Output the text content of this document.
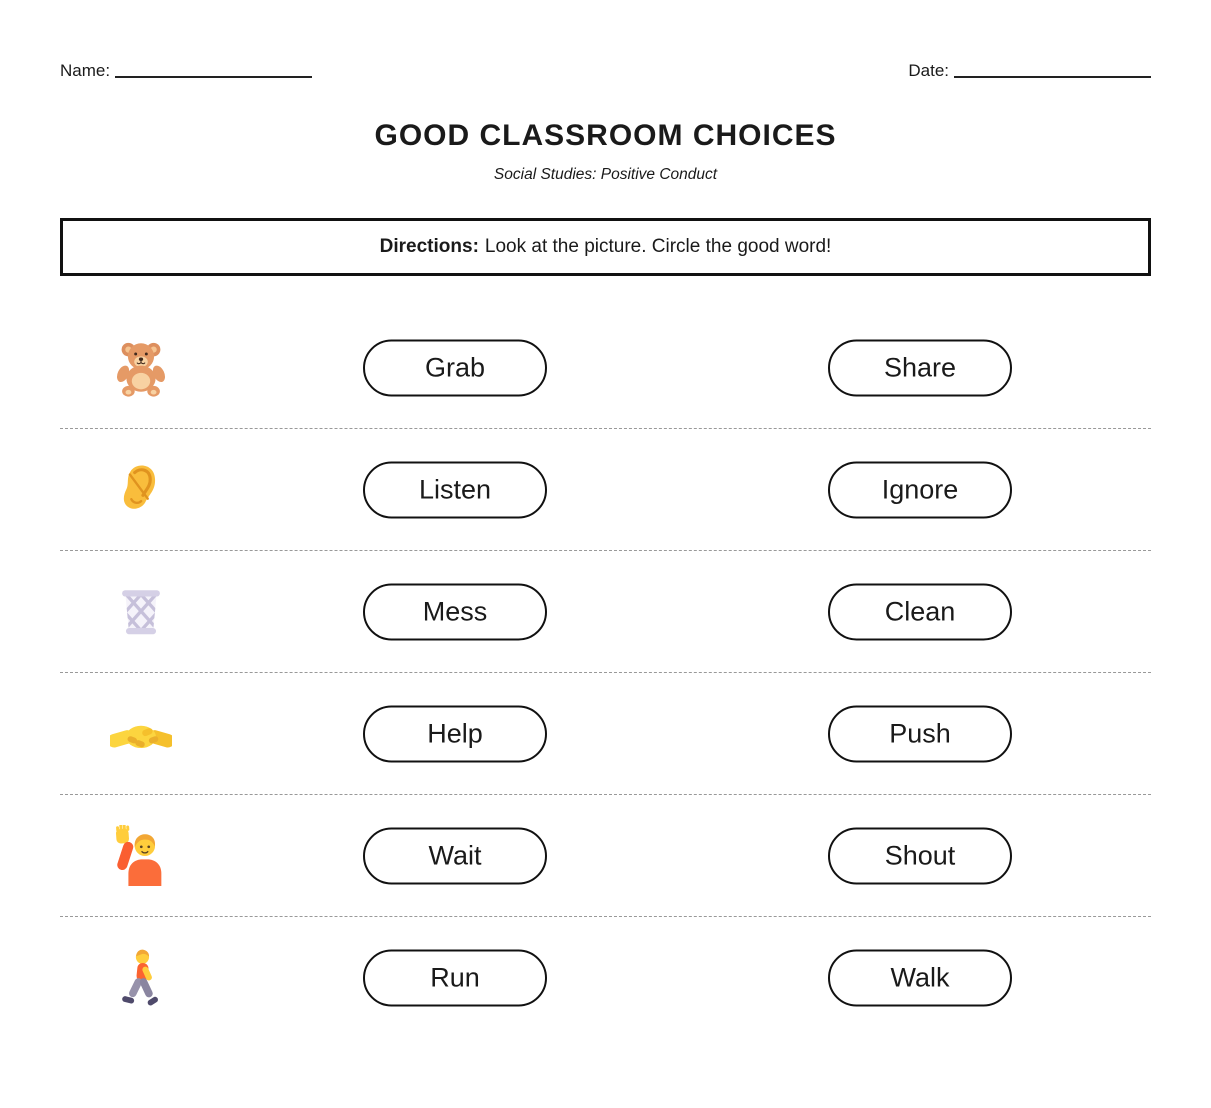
Name:	Date:
GOOD CLASSROOM CHOICES
Social Studies: Positive Conduct
Directions: Look at the picture. Circle the good word!
Grab	Share
Listen	Ignore
Mess	Clean
Help	Push
Wait	Shout
Run	Walk
